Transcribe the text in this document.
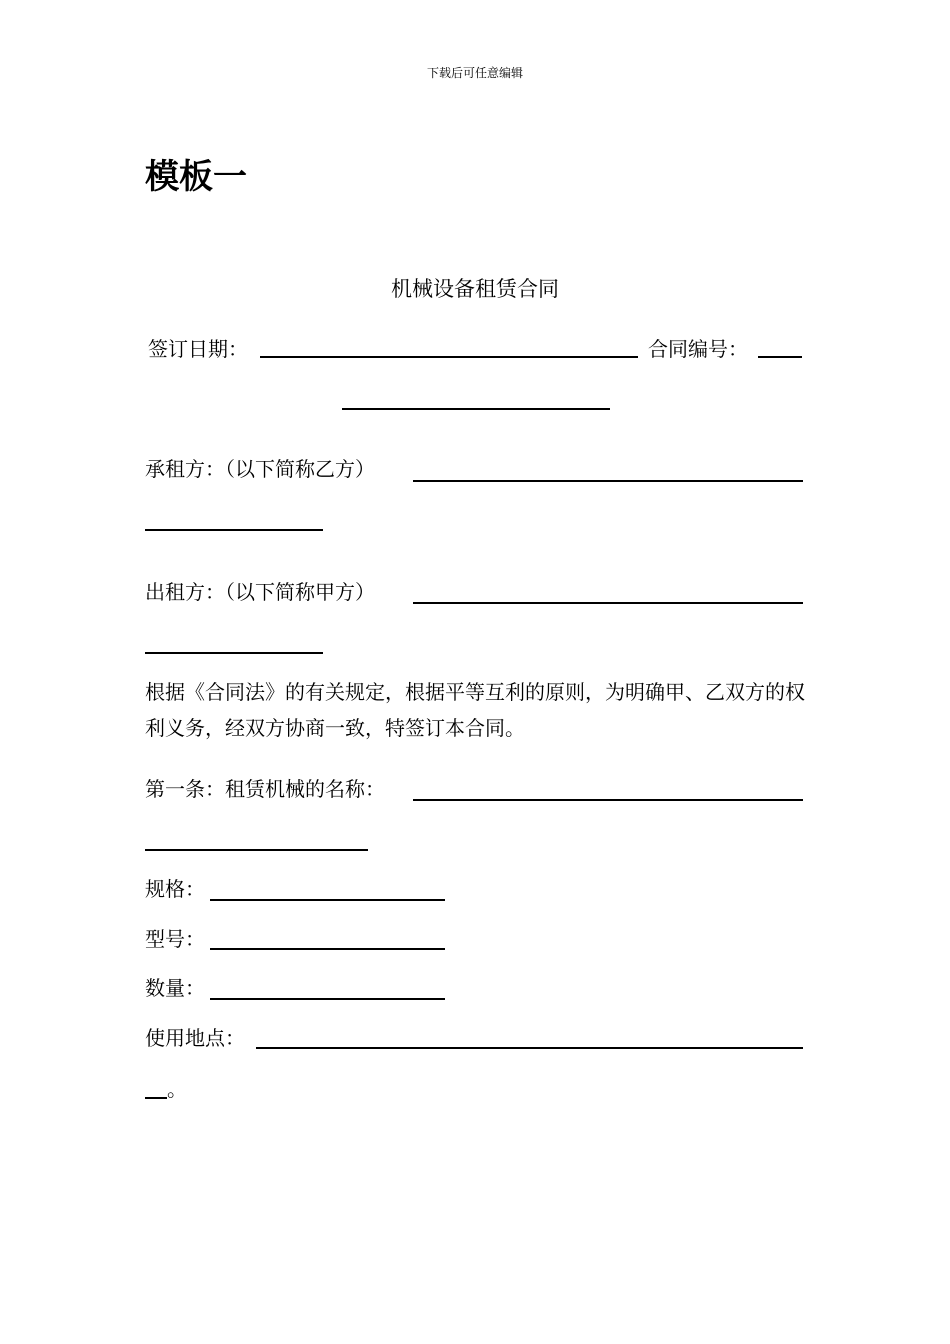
下载后可任意编辑
模板一
机械设备租赁合同
签订日期：	合同编号：
承租方：（以下简称乙方）
出租方：（以下简称甲方）
根据《合同法》的有关规定，根据平等互利的原则，为明确甲、乙双方的权利义务，经双方协商一致，特签订本合同。
第一条：租赁机械的名称：
规格：
型号：
数量：
使用地点：
。
